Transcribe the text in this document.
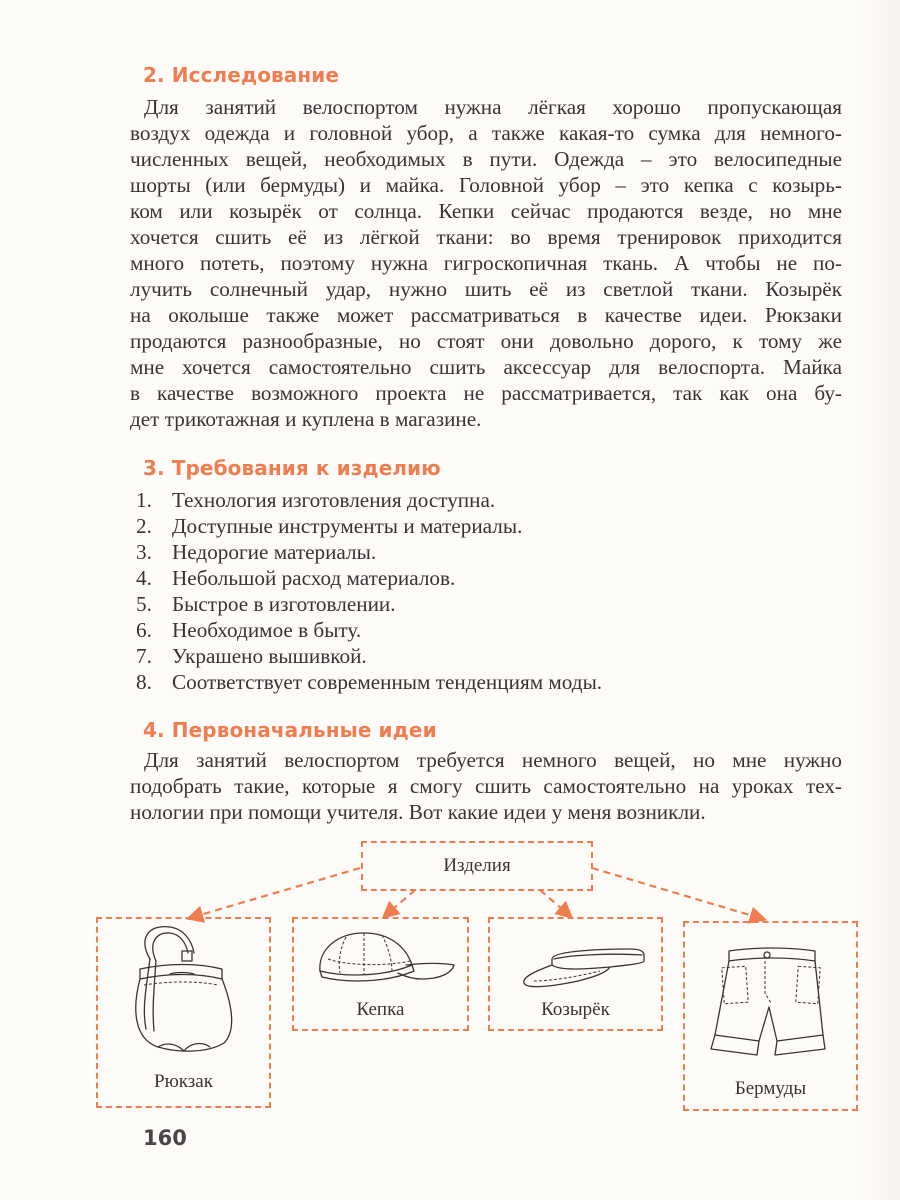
2. Исследование
Для занятий велоспортом нужна лёгкая хорошо пропускающая
воздух одежда и головной убор, а также какая-то сумка для немного-
численных вещей, необходимых в пути. Одежда – это велосипедные
шорты (или бермуды) и майка. Головной убор – это кепка с козырь-
ком или козырёк от солнца. Кепки сейчас продаются везде, но мне
хочется сшить её из лёгкой ткани: во время тренировок приходится
много потеть, поэтому нужна гигроскопичная ткань. А чтобы не по-
лучить солнечный удар, нужно шить её из светлой ткани. Козырёк
на околыше также может рассматриваться в качестве идеи. Рюкзаки
продаются разнообразные, но стоят они довольно дорого, к тому же
мне хочется самостоятельно сшить аксессуар для велоспорта. Майка
в качестве возможного проекта не рассматривается, так как она бу-
дет трикотажная и куплена в магазине.
3. Требования к изделию
1. Технология изготовления доступна.
2. Доступные инструменты и материалы.
3. Недорогие материалы.
4. Небольшой расход материалов.
5. Быстрое в изготовлении.
6. Необходимое в быту.
7. Украшено вышивкой.
8. Соответствует современным тенденциям моды.
4. Первоначальные идеи
Для занятий велоспортом требуется немного вещей, но мне нужно
подобрать такие, которые я смогу сшить самостоятельно на уроках тех-
нологии при помощи учителя. Вот какие идеи у меня возникли.
Изделия
Рюкзак
Кепка	Козырёк
Бермуды
160
